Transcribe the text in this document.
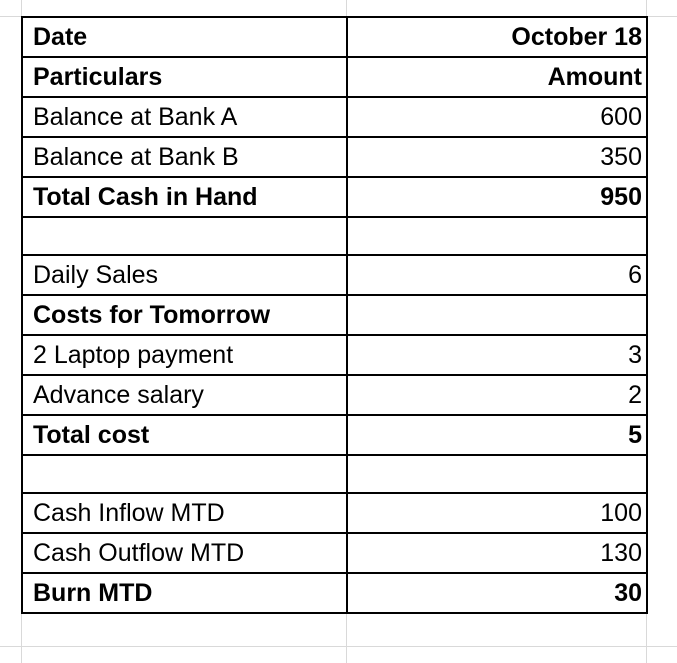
Date	October 18
Particulars	Amount
Balance at Bank A	600
Balance at Bank B	350
Total Cash in Hand	950

Daily Sales	6
Costs for Tomorrow	
2 Laptop payment	3
Advance salary	2
Total cost	5

Cash Inflow MTD	100
Cash Outflow MTD	130
Burn MTD	30
